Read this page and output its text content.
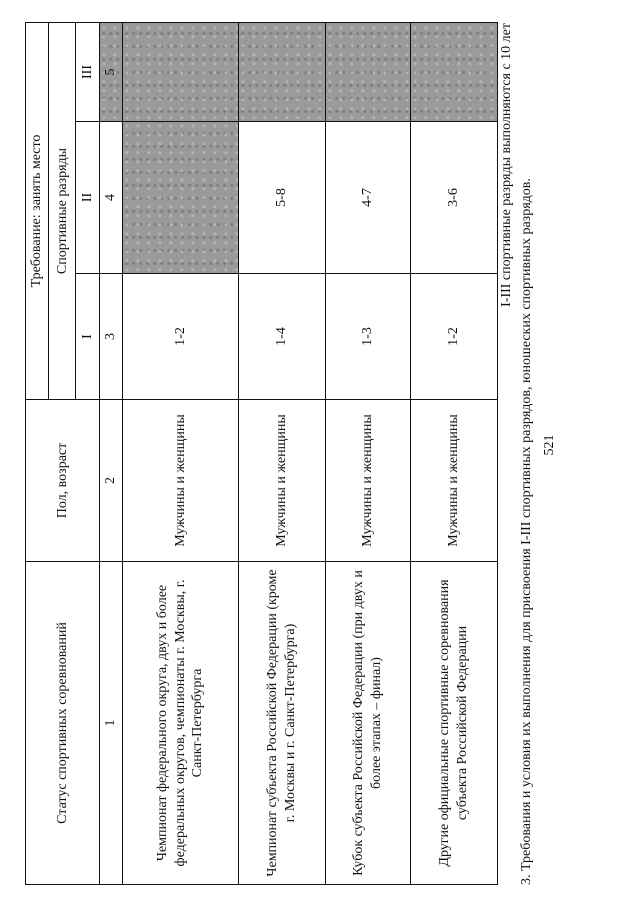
521
3. Требования и условия их выполнения для присвоения I-III спортивных разрядов, юношеских спортивных разрядов.
I-III спортивные разряды выполняются с 10 лет
Статус спортивных соревнований	Пол, возраст	Требование: занять место		
		Спортивные разряды		
		I	II	III
1	2	3	4	5
Чемпионат федерального округа, двух и более федеральных округов, чемпионаты г. Москвы, г. Санкт-Петербурга	Мужчины и женщины	1-2		
Чемпионат субъекта Российской Федерации (кроме г. Москвы и г. Санкт-Петербурга)	Мужчины и женщины	1-4	5-8	
Кубок субъекта Российской Федерации (при двух и более этапах – финал)	Мужчины и женщины	1-3	4-7	
Другие официальные спортивные соревнования субъекта Российской Федерации	Мужчины и женщины	1-2	3-6	
